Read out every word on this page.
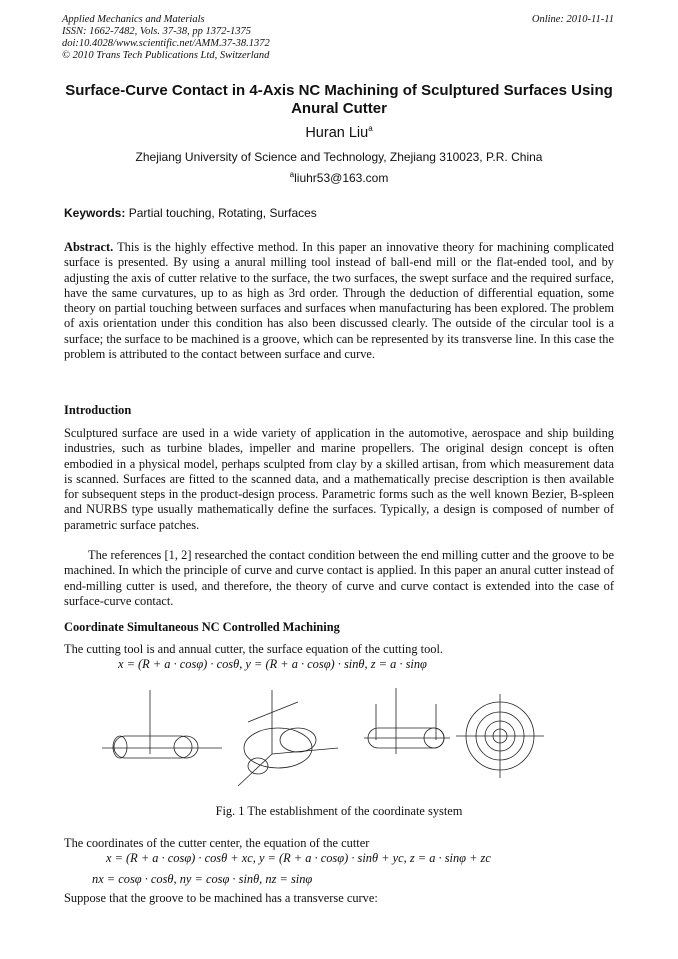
Applied Mechanics and Materials
ISSN: 1662-7482, Vols. 37-38, pp 1372-1375
doi:10.4028/www.scientific.net/AMM.37-38.1372
© 2010 Trans Tech Publications Ltd, Switzerland
Online: 2010-11-11
Surface-Curve Contact in 4-Axis NC Machining of Sculptured Surfaces Using Anural Cutter
Huran Liu$^a$
Zhejiang University of Science and Technology, Zhejiang 310023, P.R. China
$^a$liuhr53@163.com
Keywords: Partial touching, Rotating, Surfaces
Abstract. This is the highly effective method. In this paper an innovative theory for machining complicated surface is presented. By using a anural milling tool instead of ball-end mill or the flat-ended tool, and by adjusting the axis of cutter relative to the surface, the two surfaces, the swept surface and the required surface, have the same curvatures, up to as high as 3rd order. Through the deduction of differential equation, some theory on partial touching between surfaces and surfaces when manufacturing has been explored. The problem of axis orientation under this condition has also been discussed clearly. The outside of the circular tool is a surface; the surface to be machined is a groove, which can be represented by its transverse line. In this case the problem is attributed to the contact between surface and curve.
Introduction
Sculptured surface are used in a wide variety of application in the automotive, aerospace and ship building industries, such as turbine blades, impeller and marine propellers. The original design concept is often embodied in a physical model, perhaps sculpted from clay by a skilled artisan, from which measurement data is scanned. Surfaces are fitted to the scanned data, and a mathematically precise description is then available for subsequent steps in the product-design process. Parametric forms such as the well known Bezier, B-spleen and NURBS type usually mathematically define the surfaces. Typically, a design is composed of number of parametric surface patches.
The references [1, 2] researched the contact condition between the end milling cutter and the groove to be machined. In which the principle of curve and curve contact is applied. In this paper an anural cutter instead of end-milling cutter is used, and therefore, the theory of curve and curve contact is extended into the case of surface-curve contact.
Coordinate Simultaneous NC Controlled Machining
The cutting tool is and annual cutter, the surface equation of the cutting tool.
x = (R + a · cosφ) · cosθ, y = (R + a · cosφ) · sinθ, z = a · sinφ
Fig. 1 The establishment of the coordinate system
The coordinates of the cutter center, the equation of the cutter
x = (R + a · cosφ) · cosθ + xc, y = (R + a · cosφ) · sinθ + yc, z = a · sinφ + zc
nx = cosφ · cosθ, ny = cosφ · sinθ, nz = sinφ
Suppose that the groove to be machined has a transverse curve:
